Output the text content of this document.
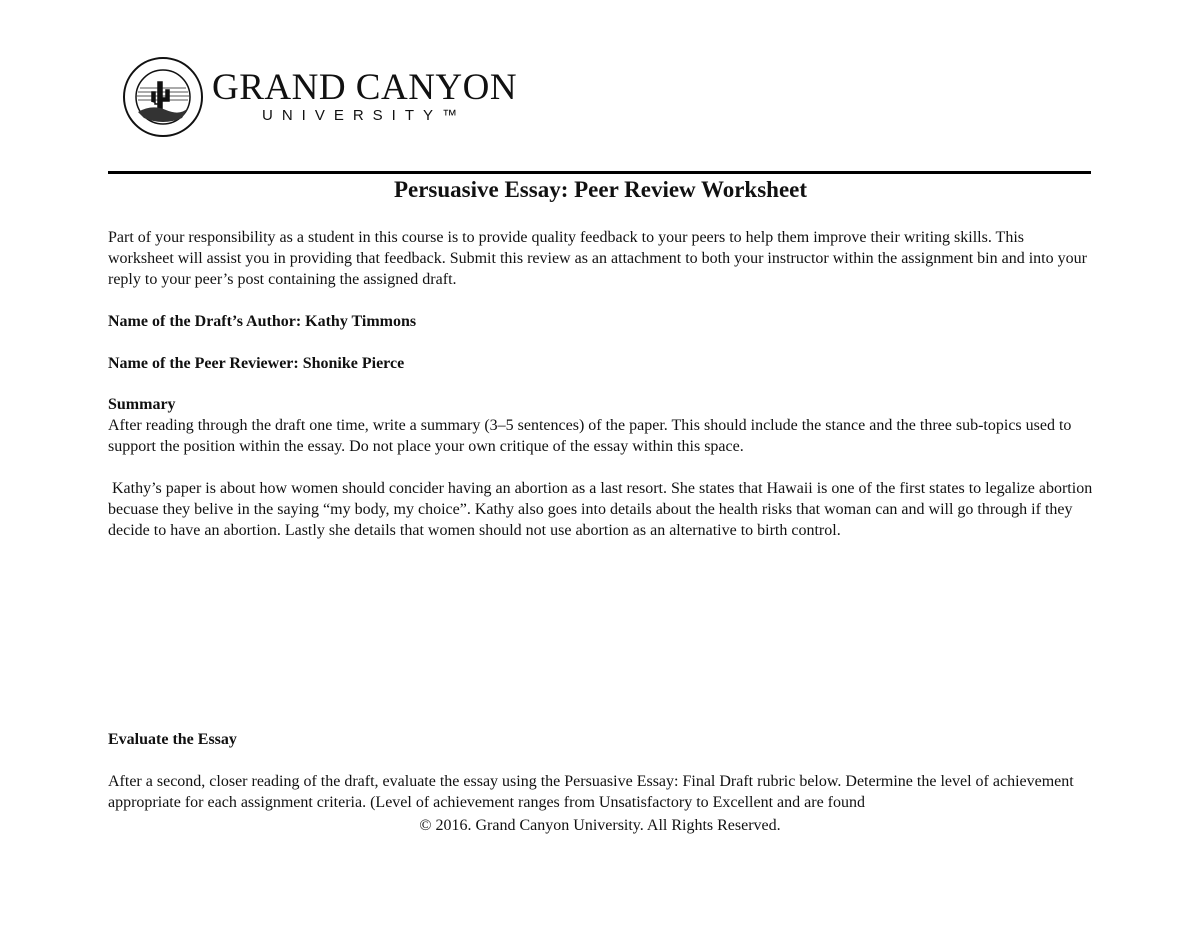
GRAND CANYON
UNIVERSITY™
Persuasive Essay: Peer Review Worksheet
Part of your responsibility as a student in this course is to provide quality feedback to your peers to help them improve their writing skills. This worksheet will assist you in providing that feedback. Submit this review as an attachment to both your instructor within the assignment bin and into your reply to your peer’s post containing the assigned draft.
Name of the Draft’s Author: Kathy Timmons
Name of the Peer Reviewer: Shonike Pierce

Summary

After reading through the draft one time, write a summary (3–5 sentences) of the paper. This should include the stance and the three sub-topics used to support the position within the essay. Do not place your own critique of the essay within this space.

Kathy’s paper is about how women should concider having an abortion as a last resort. She states that Hawaii is one of the first states to legalize abortion becuase they belive in the saying “my body, my choice”. Kathy also goes into details about the health risks that woman can and will go through if they decide to have an abortion. Lastly she details that women should not use abortion as an alternative to birth control.

Evaluate the Essay

After a second, closer reading of the draft, evaluate the essay using the Persuasive Essay: Final Draft rubric below. Determine the level of achievement appropriate for each assignment criteria. (Level of achievement ranges from Unsatisfactory to Excellent and are found

© 2016. Grand Canyon University. All Rights Reserved.
